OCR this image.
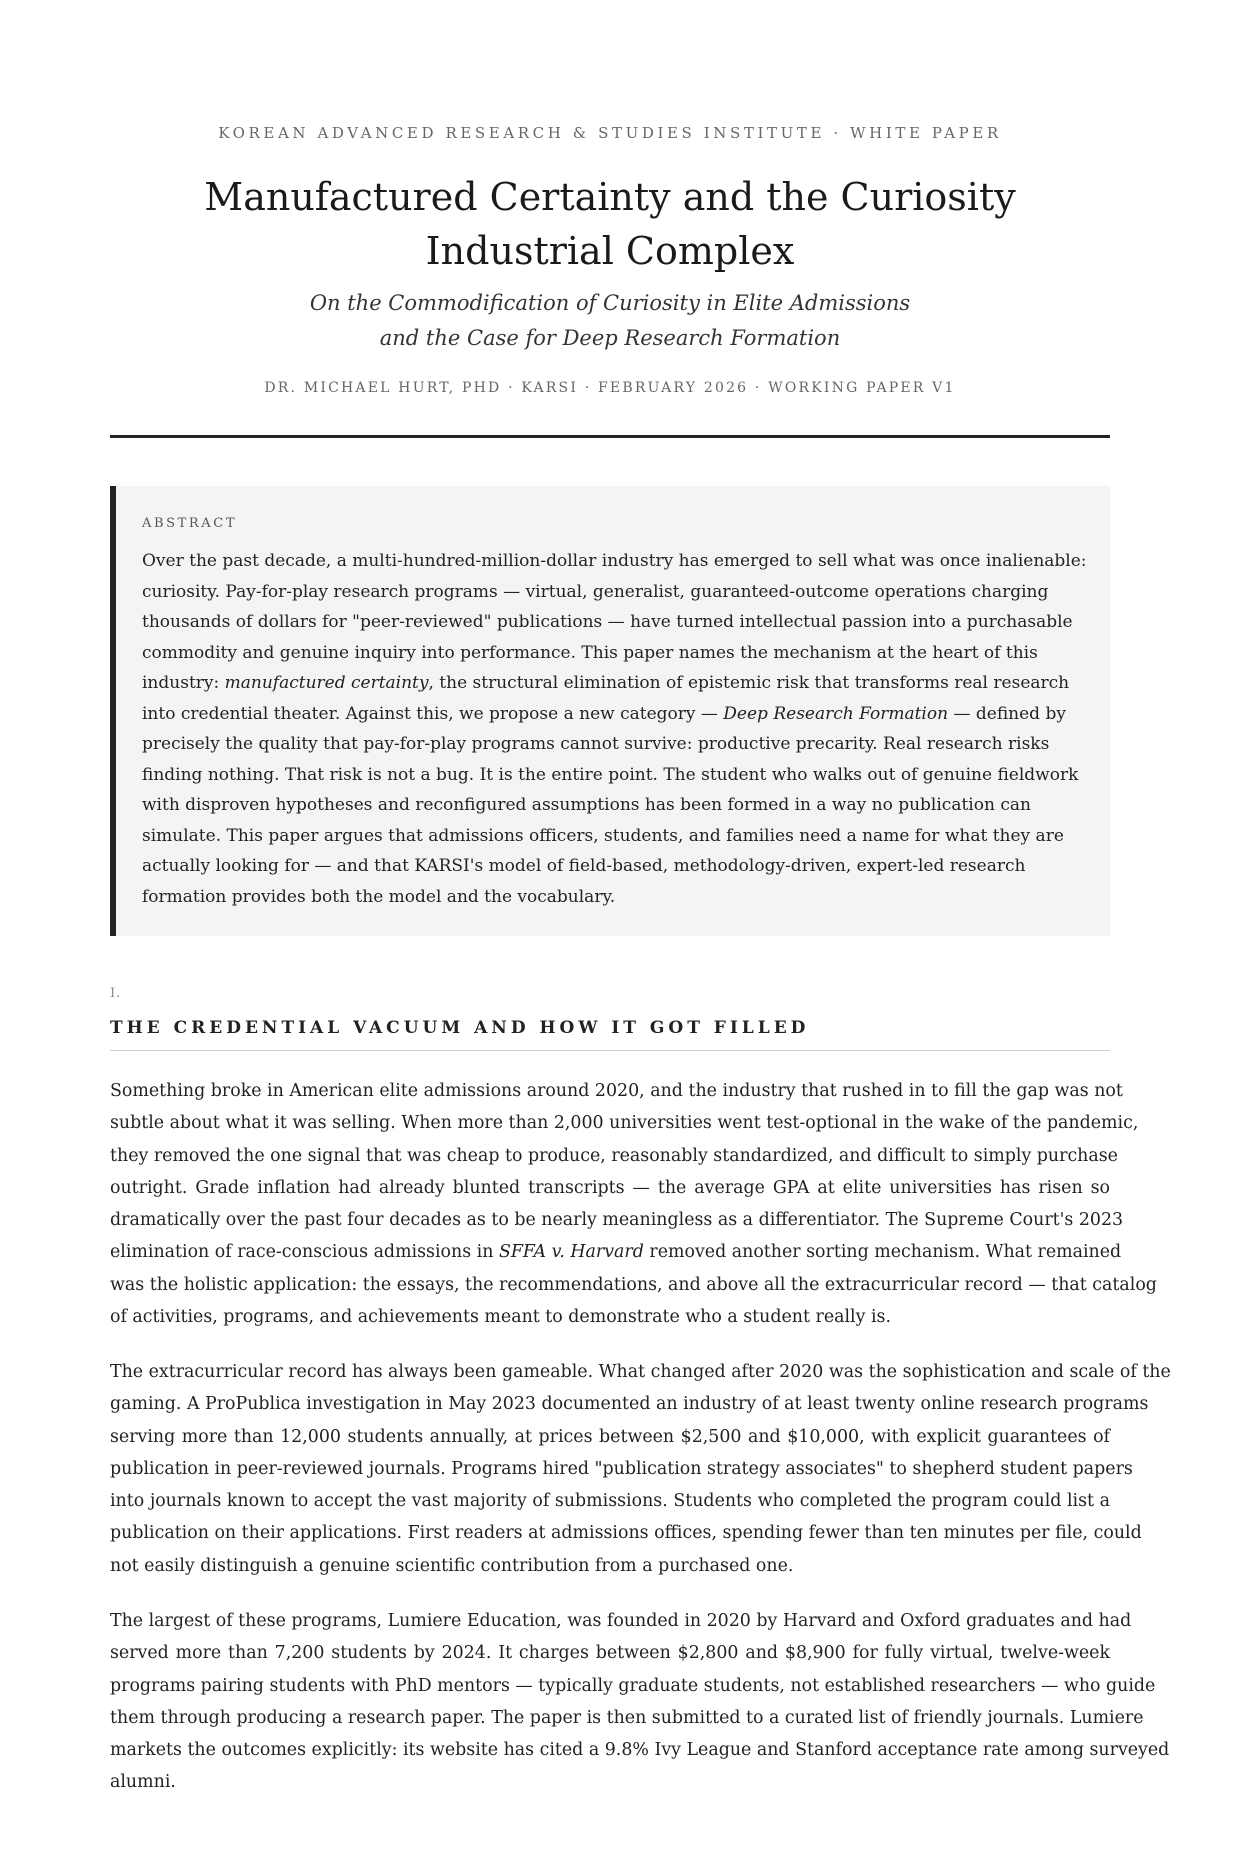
KOREAN ADVANCED RESEARCH & STUDIES INSTITUTE · WHITE PAPER
Manufactured Certainty and the Curiosity Industrial Complex
On the Commodification of Curiosity in Elite Admissions
and the Case for Deep Research Formation
DR. MICHAEL HURT, PHD · KARSI · FEBRUARY 2026 · WORKING PAPER V1
ABSTRACT
Over the past decade, a multi-hundred-million-dollar industry has emerged to sell what was once inalienable:
curiosity. Pay-for-play research programs — virtual, generalist, guaranteed-outcome operations charging
thousands of dollars for "peer-reviewed" publications — have turned intellectual passion into a purchasable
commodity and genuine inquiry into performance. This paper names the mechanism at the heart of this
industry: manufactured certainty, the structural elimination of epistemic risk that transforms real research
into credential theater. Against this, we propose a new category — Deep Research Formation — defined by
precisely the quality that pay-for-play programs cannot survive: productive precarity. Real research risks
finding nothing. That risk is not a bug. It is the entire point. The student who walks out of genuine fieldwork
with disproven hypotheses and reconfigured assumptions has been formed in a way no publication can
simulate. This paper argues that admissions officers, students, and families need a name for what they are
actually looking for — and that KARSI's model of field-based, methodology-driven, expert-led research
formation provides both the model and the vocabulary.
I.
THE CREDENTIAL VACUUM AND HOW IT GOT FILLED
Something broke in American elite admissions around 2020, and the industry that rushed in to fill the gap was not
subtle about what it was selling. When more than 2,000 universities went test-optional in the wake of the pandemic,
they removed the one signal that was cheap to produce, reasonably standardized, and difficult to simply purchase
outright. Grade inflation had already blunted transcripts — the average GPA at elite universities has risen so
dramatically over the past four decades as to be nearly meaningless as a differentiator. The Supreme Court's 2023
elimination of race-conscious admissions in SFFA v. Harvard removed another sorting mechanism. What remained
was the holistic application: the essays, the recommendations, and above all the extracurricular record — that catalog
of activities, programs, and achievements meant to demonstrate who a student really is.
The extracurricular record has always been gameable. What changed after 2020 was the sophistication and scale of the
gaming. A ProPublica investigation in May 2023 documented an industry of at least twenty online research programs
serving more than 12,000 students annually, at prices between $2,500 and $10,000, with explicit guarantees of
publication in peer-reviewed journals. Programs hired "publication strategy associates" to shepherd student papers
into journals known to accept the vast majority of submissions. Students who completed the program could list a
publication on their applications. First readers at admissions offices, spending fewer than ten minutes per file, could
not easily distinguish a genuine scientific contribution from a purchased one.
The largest of these programs, Lumiere Education, was founded in 2020 by Harvard and Oxford graduates and had
served more than 7,200 students by 2024. It charges between $2,800 and $8,900 for fully virtual, twelve-week
programs pairing students with PhD mentors — typically graduate students, not established researchers — who guide
them through producing a research paper. The paper is then submitted to a curated list of friendly journals. Lumiere
markets the outcomes explicitly: its website has cited a 9.8% Ivy League and Stanford acceptance rate among surveyed
alumni.
